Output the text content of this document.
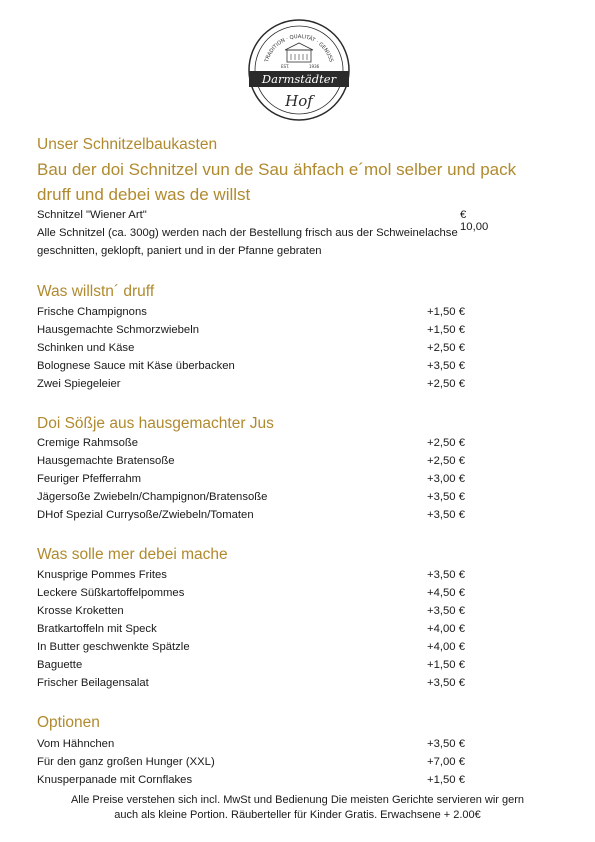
TRADITION · QUALITÄT · GENUSS
EST.	1936
Darmstädter
Hof
Unser Schnitzelbaukasten
Bau der doi Schnitzel vun de Sau ähfach e´mol selber und pack
druff und debei was de willst
Schnitzel "Wiener Art"	€ 10,00
Alle Schnitzel (ca. 300g) werden nach der Bestellung frisch aus der Schweinelachse
geschnitten, geklopft, paniert und in der Pfanne gebraten
Was willstn´ druff
Frische Champignons	+1,50 €
Hausgemachte Schmorzwiebeln	+1,50 €
Schinken und Käse	+2,50 €
Bolognese Sauce mit Käse überbacken	+3,50 €
Zwei Spiegeleier	+2,50 €
Doi Sößje aus hausgemachter Jus
Cremige Rahmsoße	+2,50 €
Hausgemachte Bratensoße	+2,50 €
Feuriger Pfefferrahm	+3,00 €
Jägersoße Zwiebeln/Champignon/Bratensoße	+3,50 €
DHof Spezial Currysoße/Zwiebeln/Tomaten	+3,50 €
Was solle mer debei mache
Knusprige Pommes Frites	+3,50 €
Leckere Süßkartoffelpommes	+4,50 €
Krosse Kroketten	+3,50 €
Bratkartoffeln mit Speck	+4,00 €
In Butter geschwenkte Spätzle	+4,00 €
Baguette	+1,50 €
Frischer Beilagensalat	+3,50 €
Optionen
Vom Hähnchen	+3,50 €
Für den ganz großen Hunger (XXL)	+7,00 €
Knusperpanade mit Cornflakes	+1,50 €
Alle Preise verstehen sich incl. MwSt und Bedienung Die meisten Gerichte servieren wir gern
auch als kleine Portion. Räuberteller für Kinder Gratis. Erwachsene + 2.00€
